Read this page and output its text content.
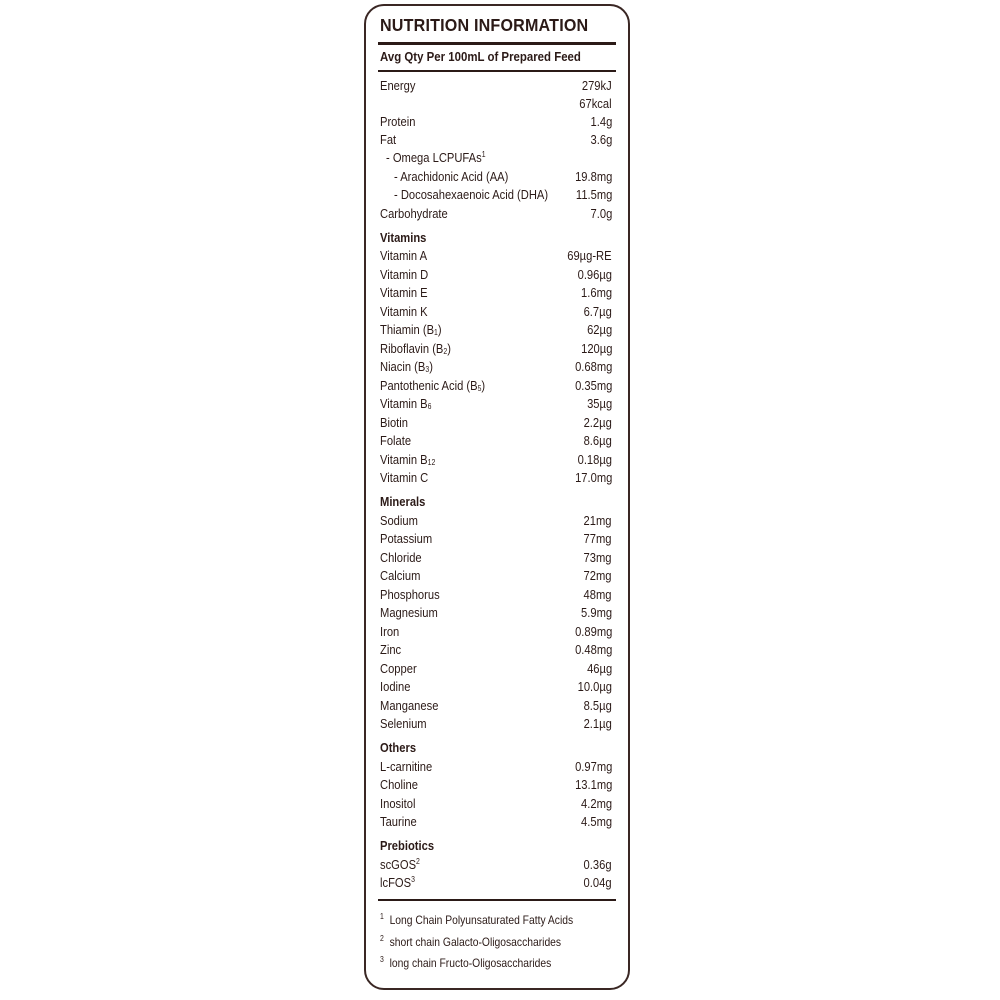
NUTRITION INFORMATION
Avg Qty Per 100mL of Prepared Feed
Energy	279kJ
67kcal
Protein	1.4g
Fat	3.6g
- Omega LCPUFAs$^1$
- Arachidonic Acid (AA)	19.8mg
- Docosahexaenoic Acid (DHA) 11.5mg
Carbohydrate	7.0g
Vitamins
Vitamin A	69µg-RE
Vitamin D	0.96µg
Vitamin E	1.6mg
Vitamin K	6.7µg
Thiamin $(B_1)$	62µg
Riboflavin $(B_2)$	120µg
Niacin $(B_3)$	0.68mg
Pantothenic Acid $(B_5)$	0.35mg
Vitamin $B_6$	35µg
Biotin	2.2µg
Folate	8.6µg
Vitamin $B_{12}$	0.18µg
Vitamin C	17.0mg
Minerals
Sodium	21mg
Potassium	77mg
Chloride	73mg
Calcium	72mg
Phosphorus	48mg
Magnesium	5.9mg
Iron	0.89mg
Zinc	0.48mg
Copper	46µg
Iodine	10.0µg
Manganese	8.5µg
Selenium	2.1µg
Others
L-carnitine	0.97mg
Choline	13.1mg
Inositol	4.2mg
Taurine	4.5mg
Prebiotics
scGOS$^2$	0.36g
lcFOS$^3$	0.04g
$^1$ Long Chain Polyunsaturated Fatty Acids
$^2$ short chain Galacto-Oligosaccharides
$^3$ long chain Fructo-Oligosaccharides
